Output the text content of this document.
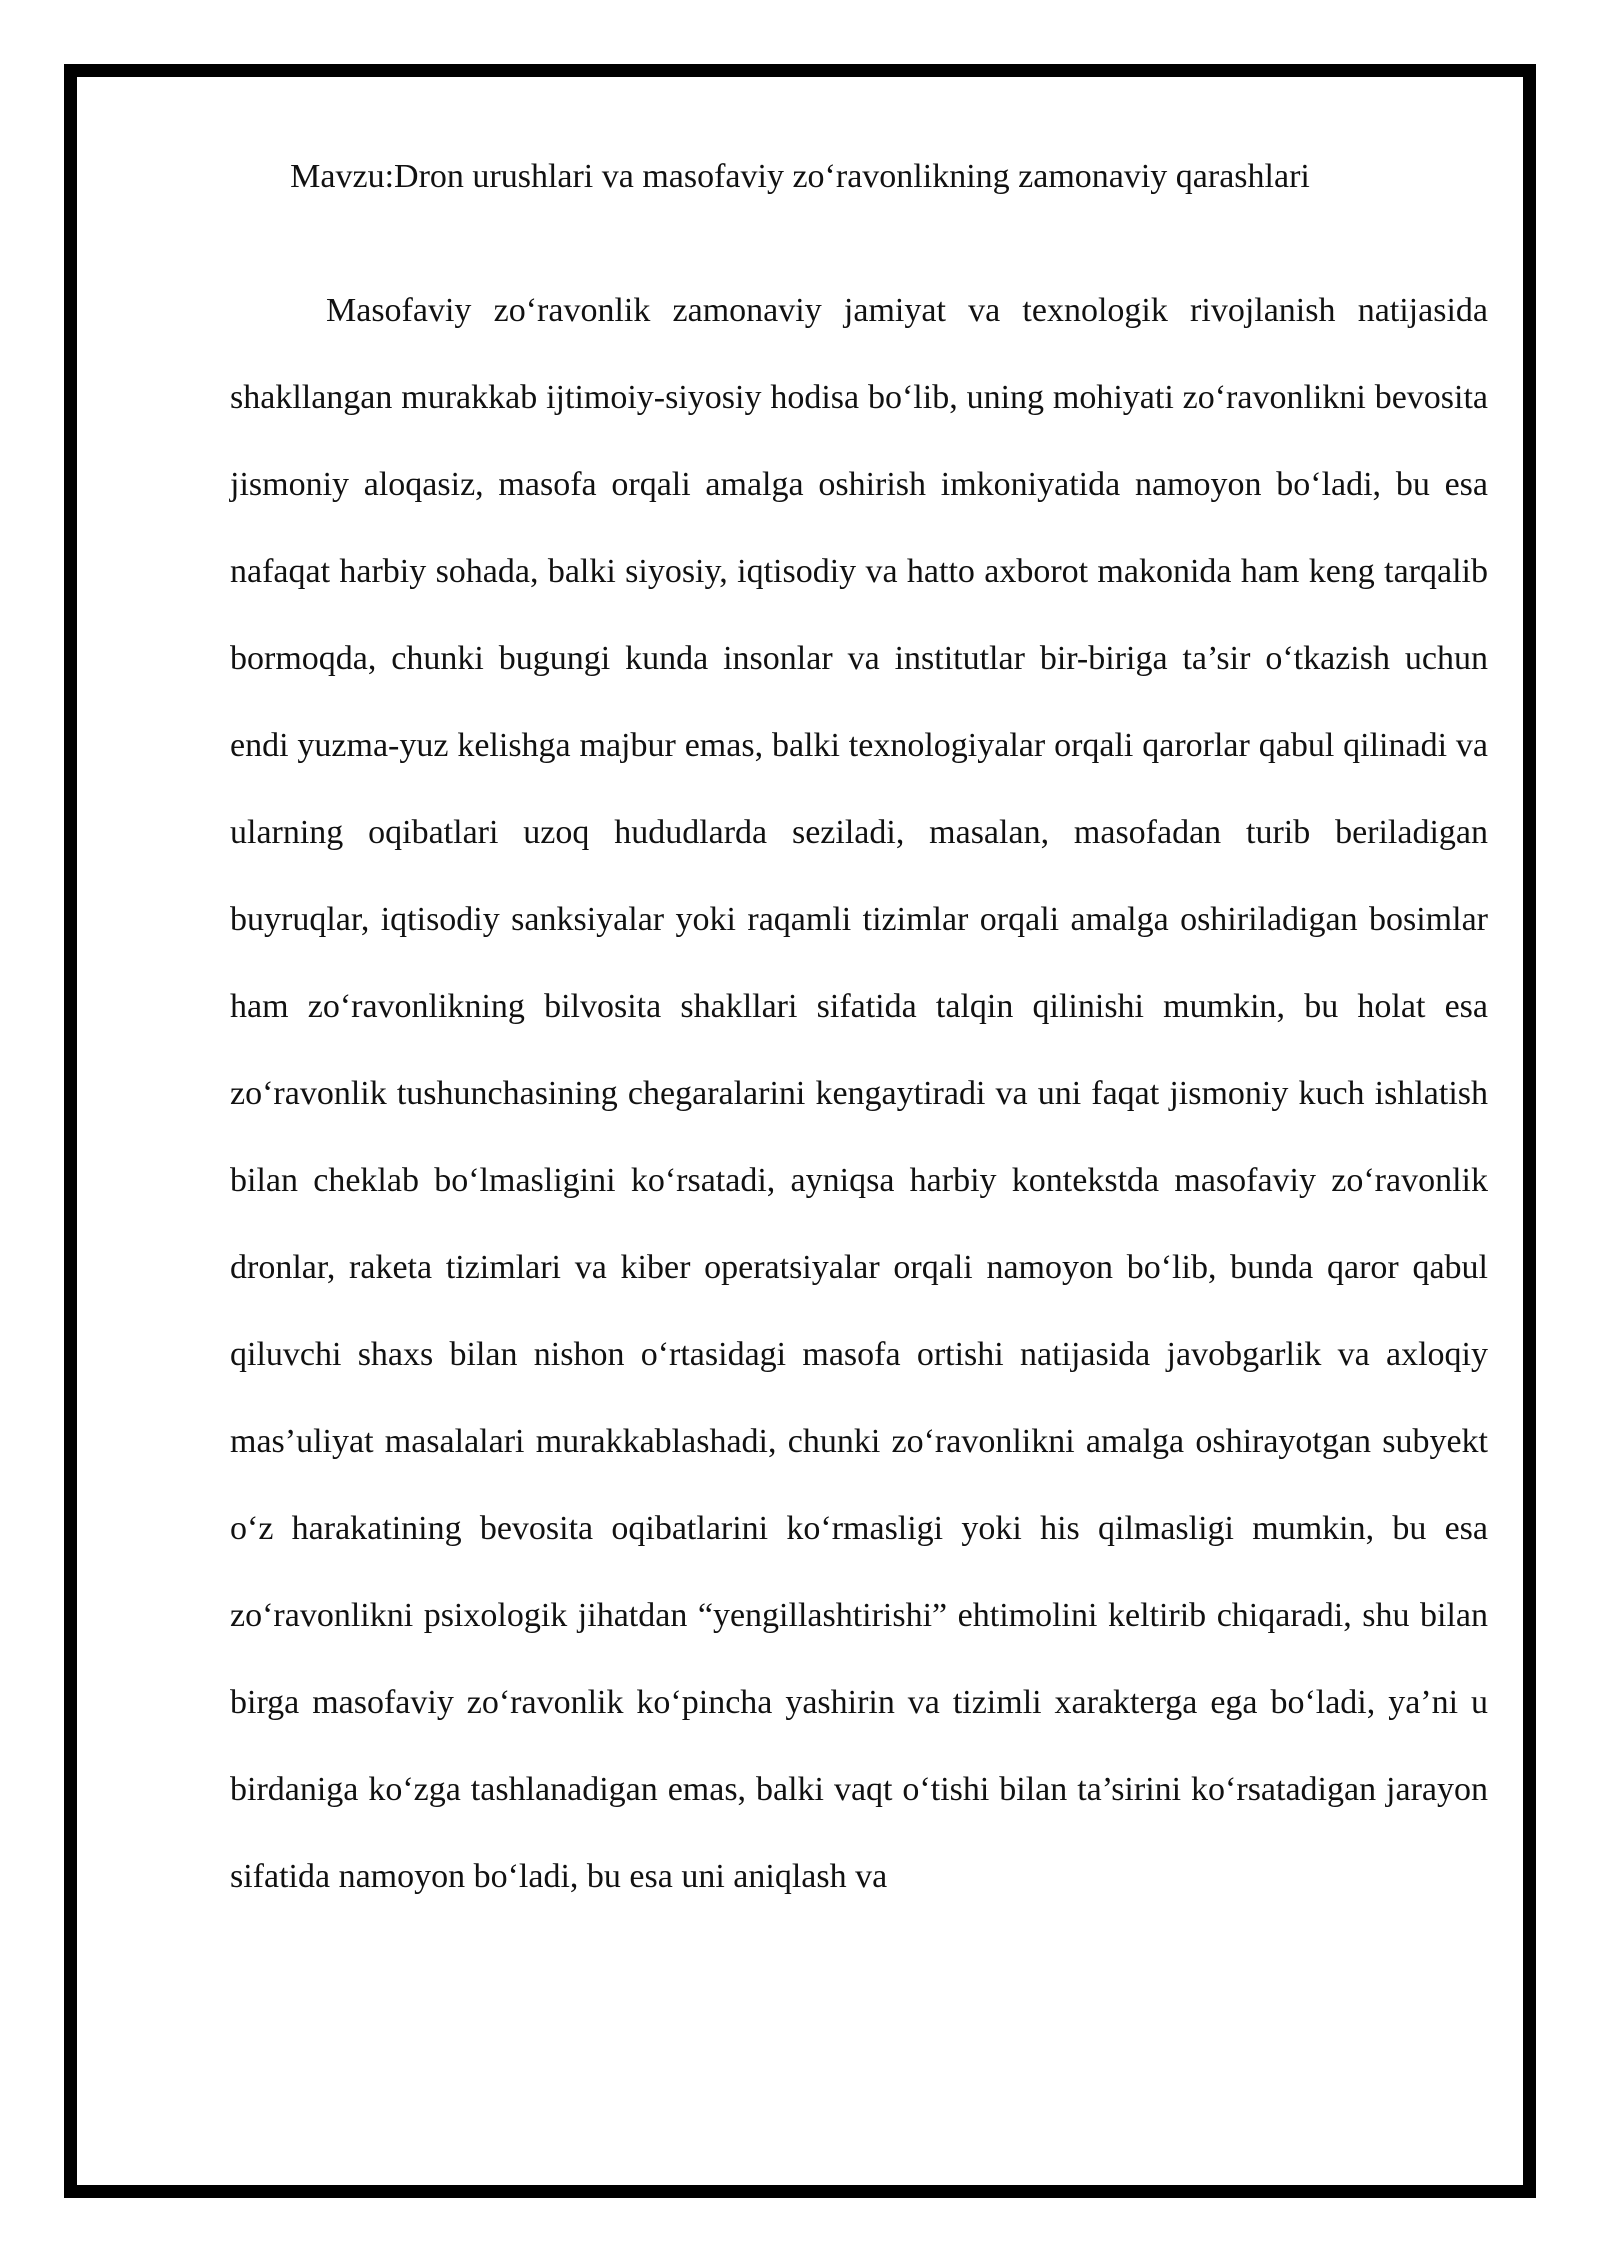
Mavzu:Dron urushlari va masofaviy zo‘ravonlikning zamonaviy qarashlari

Masofaviy zo‘ravonlik zamonaviy jamiyat va texnologik rivojlanish natijasida shakllangan murakkab ijtimoiy-siyosiy hodisa bo‘lib, uning mohiyati zo‘ravonlikni bevosita jismoniy aloqasiz, masofa orqali amalga oshirish imkoniyatida namoyon bo‘ladi, bu esa nafaqat harbiy sohada, balki siyosiy, iqtisodiy va hatto axborot makonida ham keng tarqalib bormoqda, chunki bugungi kunda insonlar va institutlar bir-biriga ta’sir o‘tkazish uchun endi yuzma-yuz kelishga majbur emas, balki texnologiyalar orqali qarorlar qabul qilinadi va ularning oqibatlari uzoq hududlarda seziladi, masalan, masofadan turib beriladigan buyruqlar, iqtisodiy sanksiyalar yoki raqamli tizimlar orqali amalga oshiriladigan bosimlar ham zo‘ravonlikning bilvosita shakllari sifatida talqin qilinishi mumkin, bu holat esa zo‘ravonlik tushunchasining chegaralarini kengaytiradi va uni faqat jismoniy kuch ishlatish bilan cheklab bo‘lmasligini ko‘rsatadi, ayniqsa harbiy kontekstda masofaviy zo‘ravonlik dronlar, raketa tizimlari va kiber operatsiyalar orqali namoyon bo‘lib, bunda qaror qabul qiluvchi shaxs bilan nishon o‘rtasidagi masofa ortishi natijasida javobgarlik va axloqiy mas’uliyat masalalari murakkablashadi, chunki zo‘ravonlikni amalga oshirayotgan subyekt o‘z harakatining bevosita oqibatlarini ko‘rmasligi yoki his qilmasligi mumkin, bu esa zo‘ravonlikni psixologik jihatdan “yengillashtirishi” ehtimolini keltirib chiqaradi, shu bilan birga masofaviy zo‘ravonlik ko‘pincha yashirin va tizimli xarakterga ega bo‘ladi, ya’ni u birdaniga ko‘zga tashlanadigan emas, balki vaqt o‘tishi bilan ta’sirini ko‘rsatadigan jarayon sifatida namoyon bo‘ladi, bu esa uni aniqlash va
